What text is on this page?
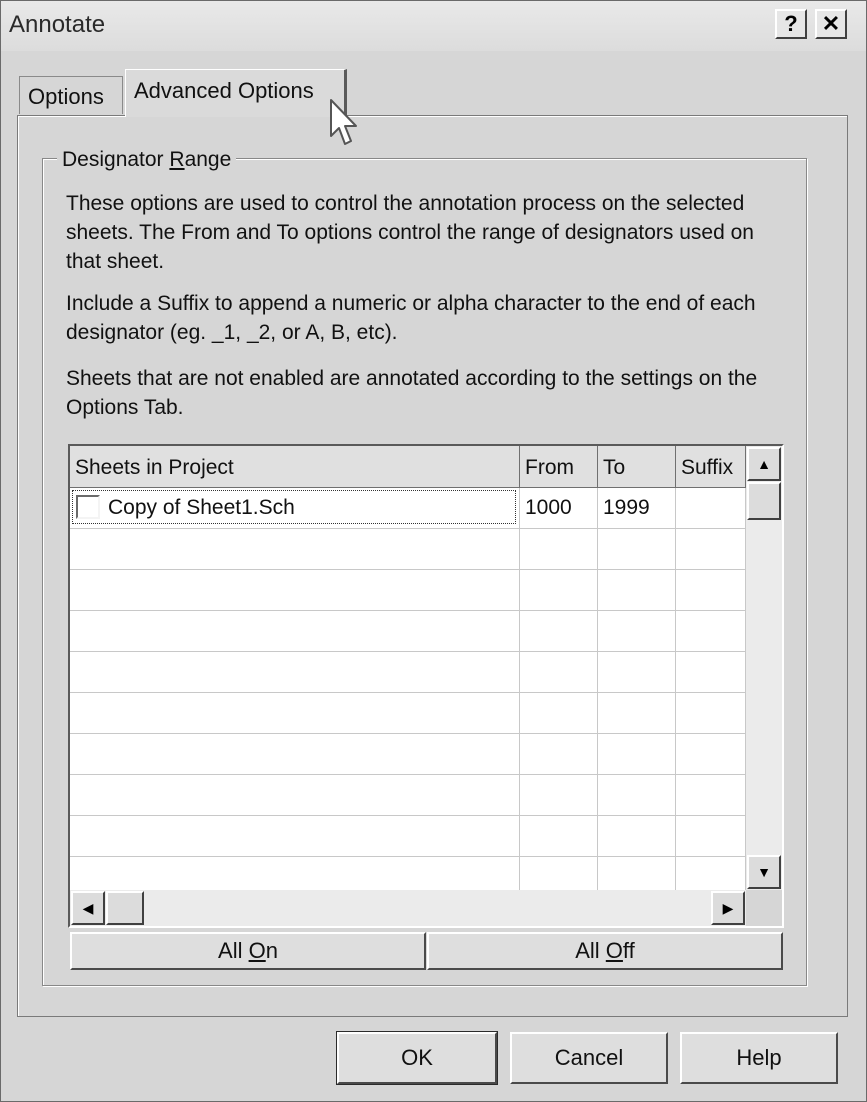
Annotate	?	✕
Options	Advanced Options
Designator Range
These options are used to control the annotation process on the selected sheets. The From and To options control the range of designators used on that sheet.
Include a Suffix to append a numeric or alpha character to the end of each designator (eg. _1, _2, or A, B, etc).
Sheets that are not enabled are annotated according to the settings on the Options Tab.
Sheets in Project	From	To	Suffix
Copy of Sheet1.Sch	1000	1999
▲
▼
◀	▶
All On	All Off
OK	Cancel	Help
